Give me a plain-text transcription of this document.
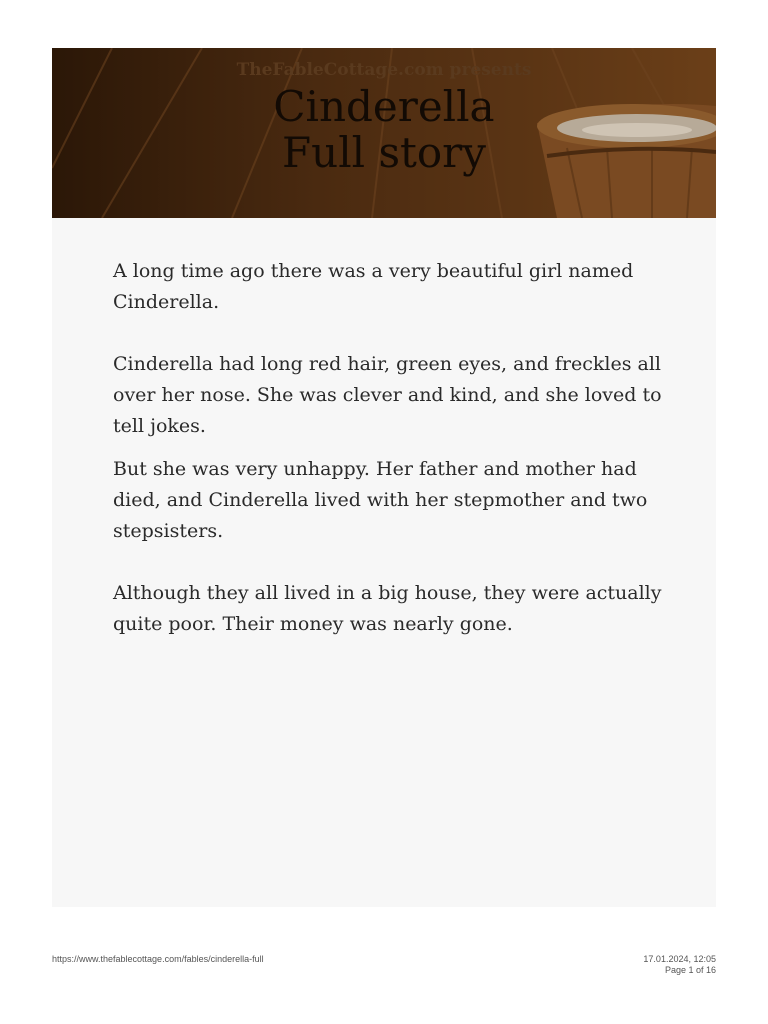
TheFableCottage.com presents
Cinderella
Full story

A long time ago there was a very beautiful girl named Cinderella.

Cinderella had long red hair, green eyes, and freckles all over her nose. She was clever and kind, and she loved to tell jokes.

But she was very unhappy. Her father and mother had died, and Cinderella lived with her stepmother and two stepsisters.

Although they all lived in a big house, they were actually quite poor. Their money was nearly gone.

https://www.thefablecottage.com/fables/cinderella-full	17.01.2024, 12:05
Page 1 of 16
